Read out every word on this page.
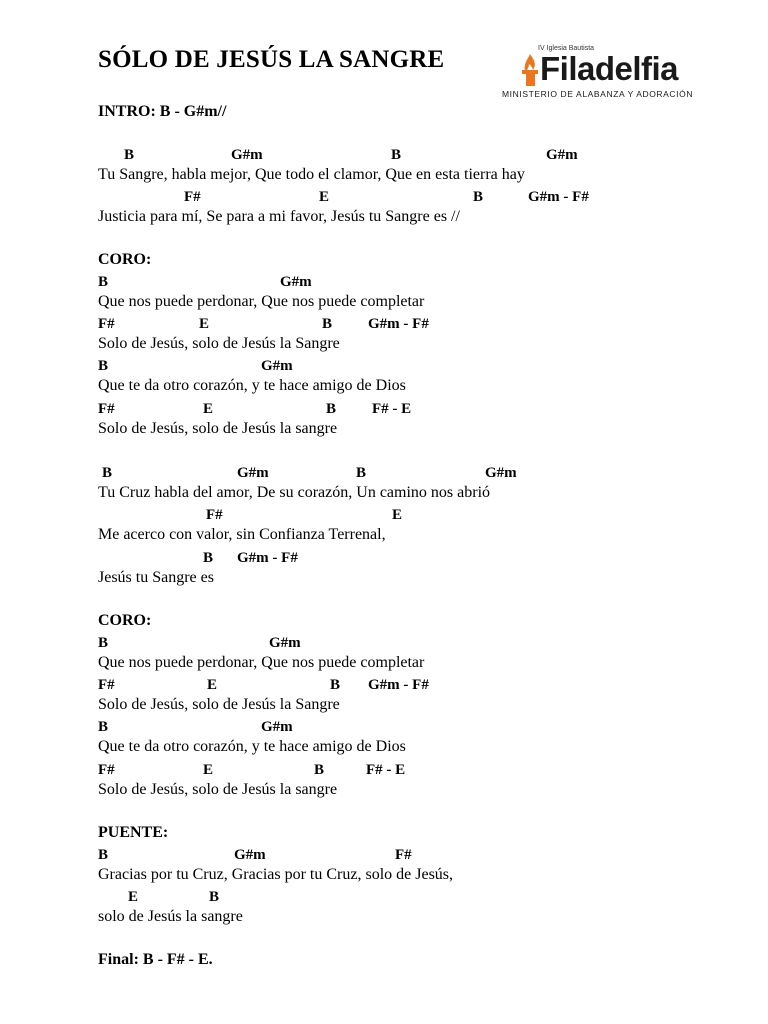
SÓLO DE JESÚS LA SANGRE	IV Iglesia Bautista
Filadelfia
MINISTERIO DE ALABANZA Y ADORACIÓN
INTRO: B - G#m//
B	G#m	B	G#m
Tu Sangre, habla mejor, Que todo el clamor, Que en esta tierra hay
F#	E	B	G#m - F#
Justicia para mí, Se para a mi favor, Jesús tu Sangre es //
CORO:
B	G#m
Que nos puede perdonar, Que nos puede completar
F#	E	B G#m - F#
Solo de Jesús, solo de Jesús la Sangre
B	G#m
Que te da otro corazón, y te hace amigo de Dios
F#	E	B F# - E
Solo de Jesús, solo de Jesús la sangre
B	G#m	B	G#m
Tu Cruz habla del amor, De su corazón, Un camino nos abrió
F#	E
Me acerco con valor, sin Confianza Terrenal,
B G#m - F#
Jesús tu Sangre es
CORO:
B	G#m
Que nos puede perdonar, Que nos puede completar
F#	E	B G#m - F#
Solo de Jesús, solo de Jesús la Sangre
B	G#m
Que te da otro corazón, y te hace amigo de Dios
F#	E	B	F# - E
Solo de Jesús, solo de Jesús la sangre
PUENTE:
B	G#m	F#
Gracias por tu Cruz, Gracias por tu Cruz, solo de Jesús,
E	B
solo de Jesús la sangre
Final: B - F# - E.
